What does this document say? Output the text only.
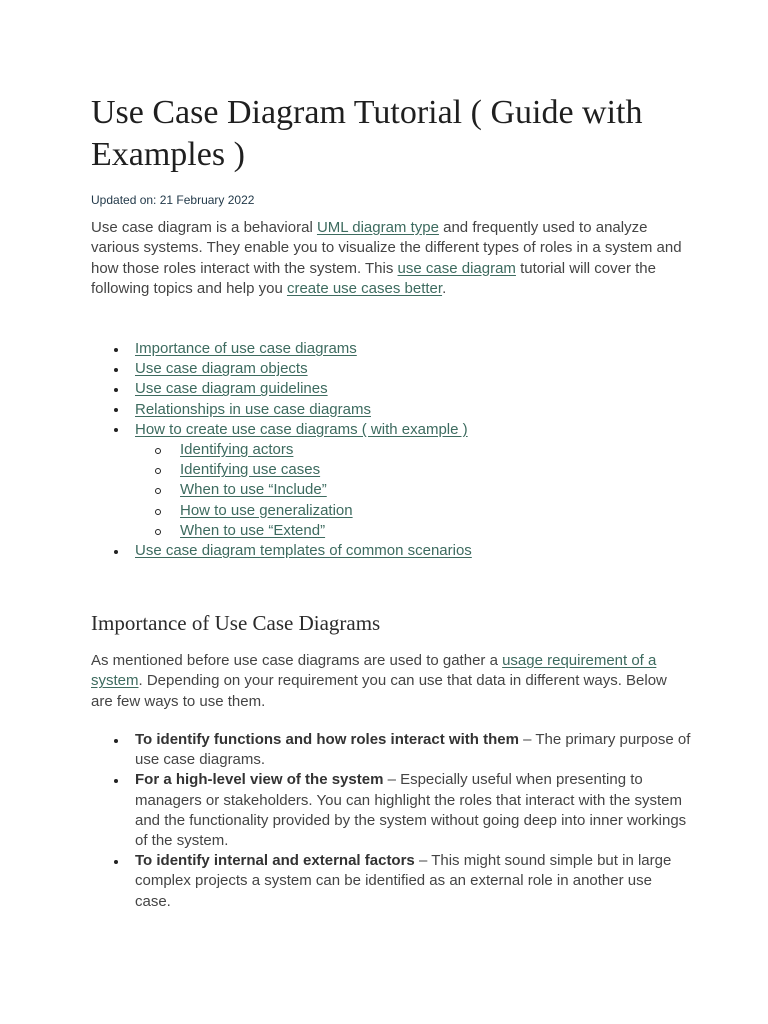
Use Case Diagram Tutorial ( Guide with Examples )

Updated on: 21 February 2022

Use case diagram is a behavioral UML diagram type and frequently used to analyze various systems. They enable you to visualize the different types of roles in a system and how those roles interact with the system. This use case diagram tutorial will cover the following topics and help you create use cases better.

Importance of use case diagrams
Use case diagram objects
Use case diagram guidelines
Relationships in use case diagrams
How to create use case diagrams ( with example )
Identifying actors
Identifying use cases
When to use “Include”
How to use generalization
When to use “Extend”
Use case diagram templates of common scenarios
Importance of Use Case Diagrams

As mentioned before use case diagrams are used to gather a usage requirement of a system. Depending on your requirement you can use that data in different ways. Below are few ways to use them.

To identify functions and how roles interact with them – The primary purpose of use case diagrams.
For a high-level view of the system – Especially useful when presenting to managers or stakeholders. You can highlight the roles that interact with the system and the functionality provided by the system without going deep into inner workings of the system.
To identify internal and external factors – This might sound simple but in large complex projects a system can be identified as an external role in another use case.
